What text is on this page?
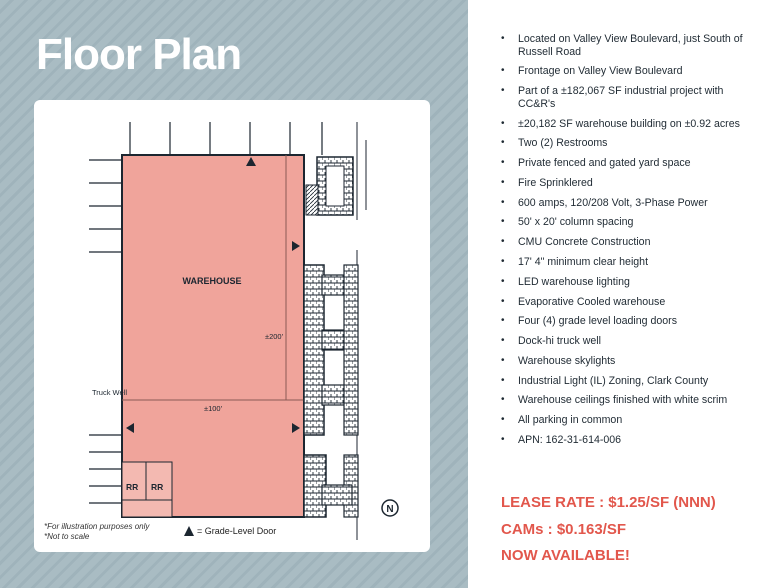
Floor Plan
WAREHOUSE
±200'
±100'
Truck Well
RR RR
N
*For illustration purposes only
*Not to scale
= Grade-Level Door
• Located on Valley View Boulevard, just South of Russell Road
• Frontage on Valley View Boulevard
• Part of a ±182,067 SF industrial project with CC&R's
• ±20,182 SF warehouse building on ±0.92 acres
• Two (2) Restrooms
• Private fenced and gated yard space
• Fire Sprinklered
• 600 amps, 120/208 Volt, 3-Phase Power
• 50' x 20' column spacing
• CMU Concrete Construction
• 17' 4" minimum clear height
• LED warehouse lighting
• Evaporative Cooled warehouse
• Four (4) grade level loading doors
• Dock-hi truck well
• Warehouse skylights
• Industrial Light (IL) Zoning, Clark County
• Warehouse ceilings finished with white scrim
• All parking in common
• APN: 162-31-614-006
LEASE RATE : $1.25/SF (NNN)
CAMs : $0.163/SF
NOW AVAILABLE!
